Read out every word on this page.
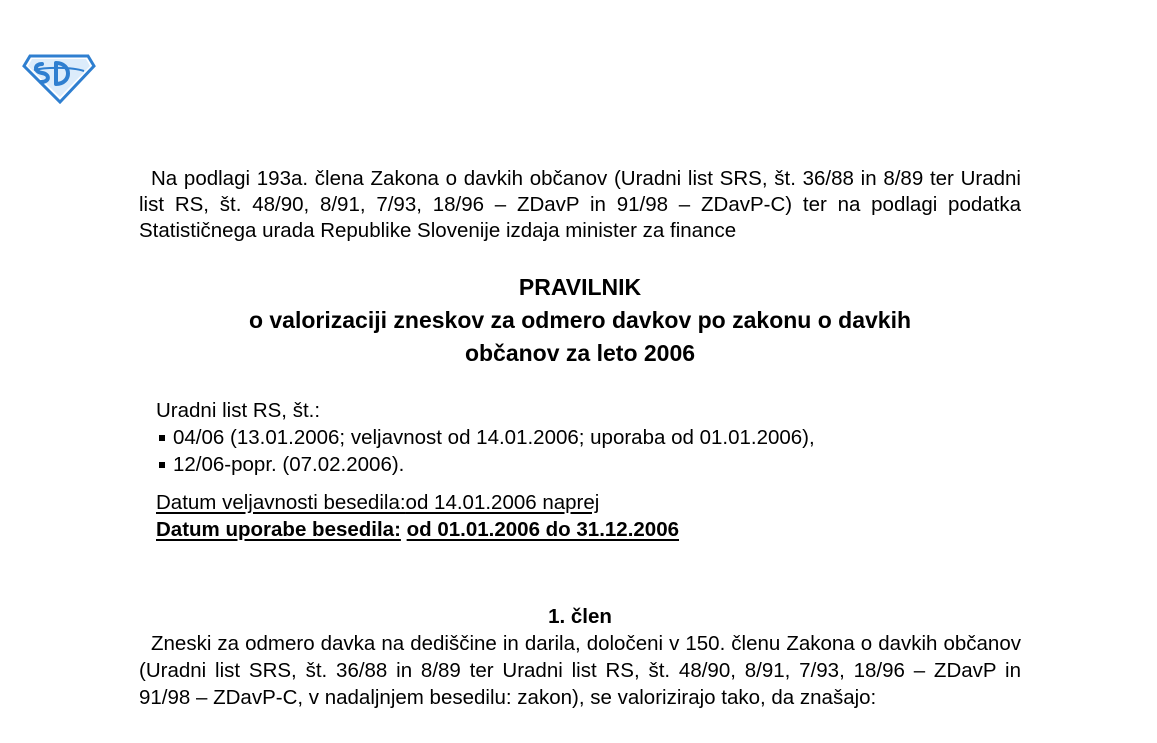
Na podlagi 193a. člena Zakona o davkih občanov (Uradni list SRS, št. 36/88 in 8/89 ter Uradni list RS, št. 48/90, 8/91, 7/93, 18/96 – ZDavP in 91/98 – ZDavP-C) ter na podlagi podatka Statističnega urada Republike Slovenije izdaja minister za finance

PRAVILNIK
o valorizaciji zneskov za odmero davkov po zakonu o davkih
občanov za leto 2006
Uradni list RS, št.:
04/06 (13.01.2006; veljavnost od 14.01.2006; uporaba od 01.01.2006),
12/06-popr. (07.02.2006).
Datum veljavnosti besedila:od 14.01.2006 naprej
Datum uporabe besedila: od 01.01.2006 do 31.12.2006
1. člen

Zneski za odmero davka na dediščine in darila, določeni v 150. členu Zakona o davkih občanov (Uradni list SRS, št. 36/88 in 8/89 ter Uradni list RS, št. 48/90, 8/91, 7/93, 18/96 – ZDavP in 91/98 – ZDavP-C, v nadaljnjem besedilu: zakon), se valorizirajo tako, da znašajo:
